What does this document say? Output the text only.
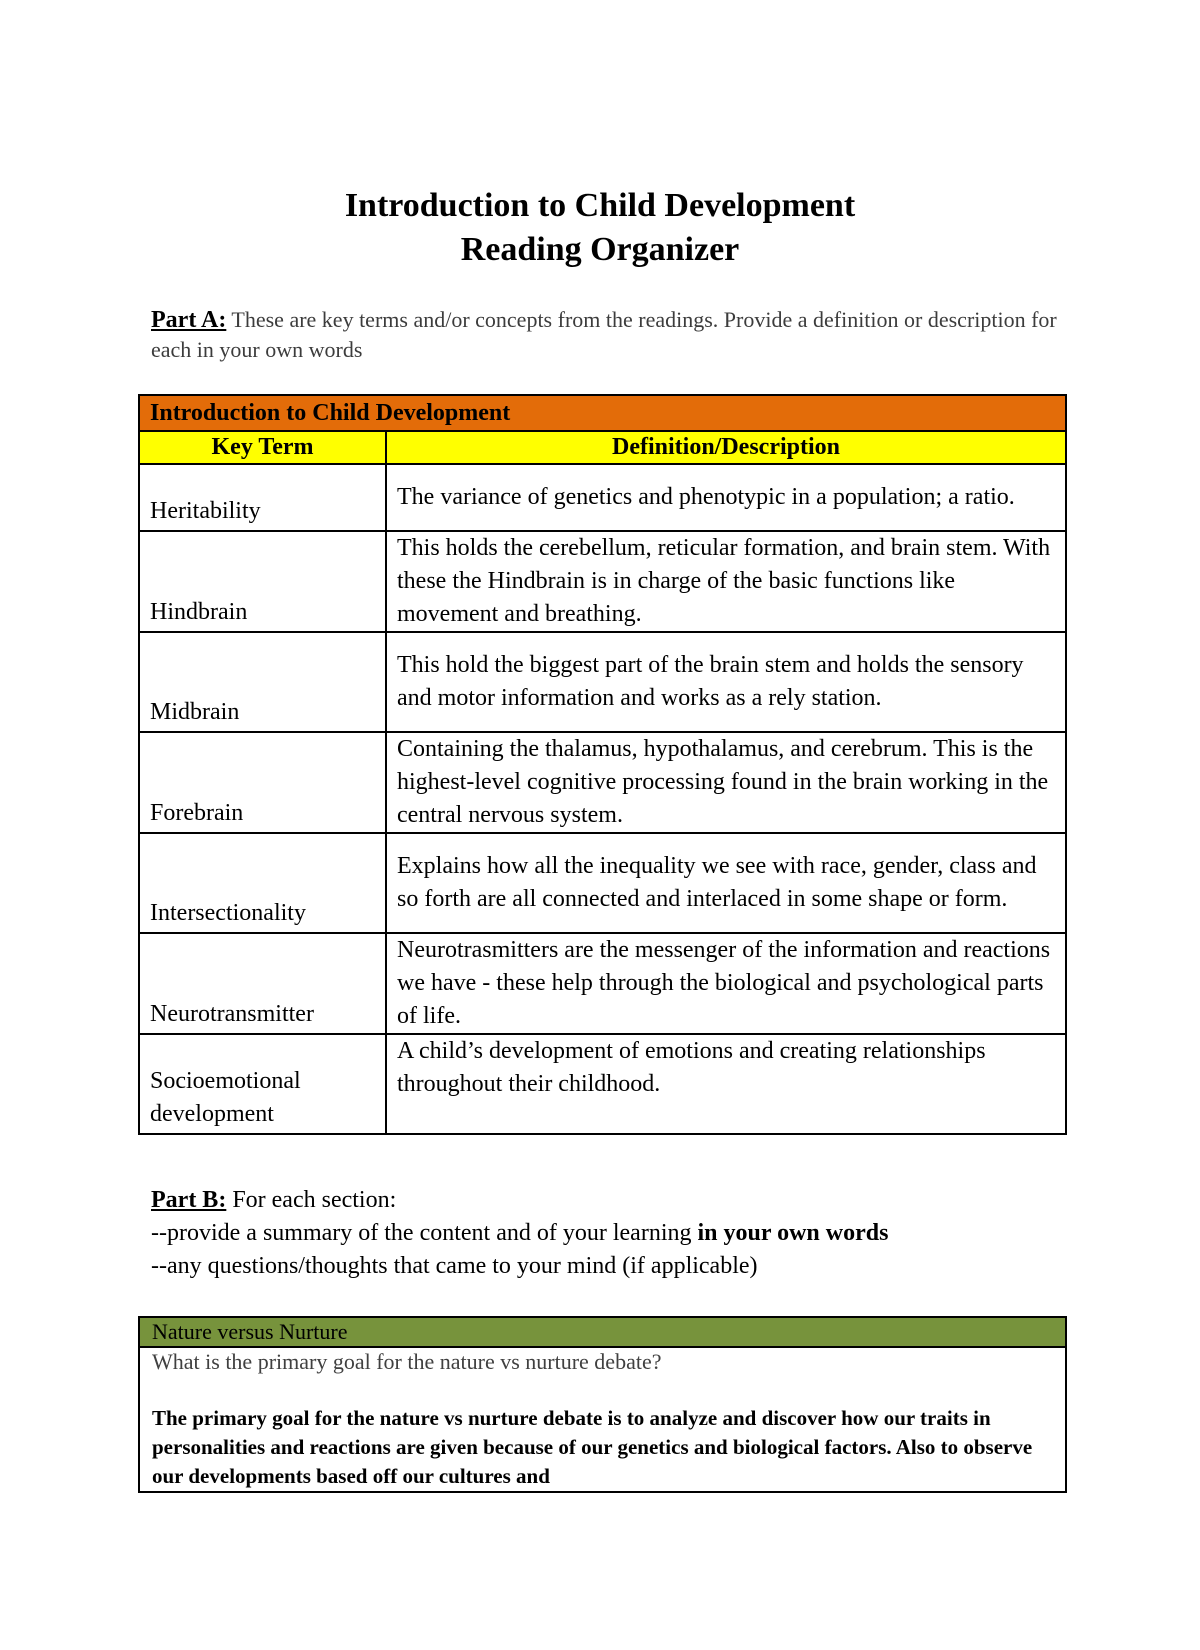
Introduction to Child Development
Reading Organizer
Part A: These are key terms and/or concepts from the readings. Provide a definition or description for each in your own words
Introduction to Child Development	
Key Term	Definition/Description
Heritability	The variance of genetics and phenotypic in a population; a ratio.
Hindbrain	This holds the cerebellum, reticular formation, and brain stem. With these the Hindbrain is in charge of the basic functions like movement and breathing.
Midbrain	This hold the biggest part of the brain stem and holds the sensory and motor information and works as a rely station.
Forebrain	Containing the thalamus, hypothalamus, and cerebrum. This is the highest-level cognitive processing found in the brain working in the central nervous system.
Intersectionality	Explains how all the inequality we see with race, gender, class and so forth are all connected and interlaced in some shape or form.
Neurotransmitter	Neurotrasmitters are the messenger of the information and reactions we have - these help through the biological and psychological parts of life.
Socioemotional development	A child’s development of emotions and creating relationships throughout their childhood.
Part B: For each section:
--provide a summary of the content and of your learning in your own words
--any questions/thoughts that came to your mind (if applicable)
Nature versus Nurture

What is the primary goal for the nature vs nurture debate?
The primary goal for the nature vs nurture debate is to analyze and discover how our traits in personalities and reactions are given because of our genetics and biological factors. Also to observe our developments based off our cultures and
